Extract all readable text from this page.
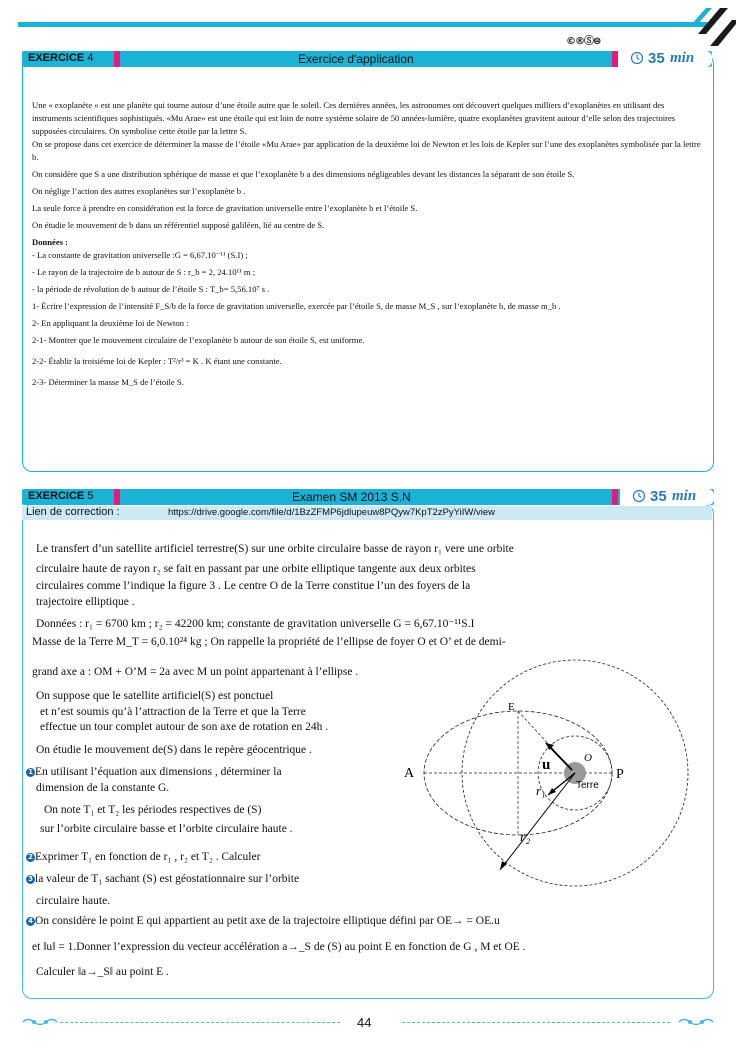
©®Ⓢ⊜
EXERCICE 4	Exercice d'application	35 min

Une « exoplanète « est une planète qui tourne autour d’une étoile autre que le soleil. Ces dernières années, les astronomes ont découvert quelques milliers d’exoplanètes en utilisant des instruments scientifiques sophistiqués. «Mu Arae» est une étoile qui est loin de notre système solaire de 50 années-lumière, quatre exoplanètes gravitent autour d’elle selon des trajectoires supposées circulaires. On symbolise cette étoile par la lettre S.

On se propose dans cet exercice de déterminer la masse de l’étoile «Mu Arae» par application de la deuxième loi de Newton et les lois de Kepler sur l’une des exoplanètes symbolisée par la lettre b.

On considère que S a une distribution sphérique de masse et que l’exoplanète b a des dimensions négligeables devant les distances la séparant de son étoile S.

On néglige l’action des autres exoplanètes sur l’exoplanète b .

La seule force à prendre en considération est la force de gravitation universelle entre l’exoplanète b et l’étoile S.

On étudie le mouvement de b dans un référentiel supposé galiléen, lié au centre de S.

Données :

- La constante de gravitation universelle :G = 6,67.10⁻¹¹ (S.I) ;

- Le rayon de la trajectoire de b autour de S : r_b = 2, 24.10¹¹ m ;

- la période de révolution de b autour de l’étoile S : T_b= 5,56.10⁷ s .

1- Écrire l’expression de l’intensité F_S/b de la force de gravitation universelle, exercée par l’étoile S, de masse M_S , sur l’exoplanète b, de masse m_b .

2- En appliquant la deuxième loi de Newton :

2-1- Montrer que le mouvement circulaire de l’exoplanète b autour de son étoile S, est uniforme.

2-2- Établir la troisième loi de Kepler : T²/r³ = K . K étant une constante.

2-3- Déterminer la masse M_S de l’étoile S.

EXERCICE 5	Examen SM 2013 S.N	35 min
Lien de correction :	https://drive.google.com/file/d/1BzZFMP6jdlupeuw8PQyw7KpT2zPyYiIW/view
Le transfert d’un satellite artificiel terrestre(S) sur une orbite circulaire basse de rayon r₁ vere une orbite
circulaire haute de rayon r₂ se fait en passant par une orbite elliptique tangente aux deux orbites
circulaires comme l’indique la figure 3 . Le centre O de la Terre constitue l’un des foyers de la
trajectoire elliptique .
Données : r₁ = 6700 km ; r₂ = 42200 km; constante de gravitation universelle G = 6,67.10⁻¹¹S.I
Masse de la Terre M_T = 6,0.10²⁴ kg ; On rappelle la propriété de l’ellipse de foyer O et O’ et de demi-
grand axe a : OM + O’M = 2a avec M un point appartenant à l’ellipse .
On suppose que le satellite artificiel(S) est ponctuel
et n’est soumis qu’à l’attraction de la Terre et que la Terre
effectue un tour complet autour de son axe de rotation en 24h .
On étudie le mouvement de(S) dans le repère géocentrique .
1 En utilisant l’équation aux dimensions , déterminer la
dimension de la constante G.
On note T₁ et T₂ les périodes respectives de (S)
sur l’orbite circulaire basse et l’orbite circulaire haute .
2 Exprimer T₁ en fonction de r₁ , r₂ et T₂ . Calculer
3 la valeur de T₁ sachant (S) est géostationnaire sur l’orbite
circulaire haute.
4 On considère le point E qui appartient au petit axe de la trajectoire elliptique défini par OE→ = OE.u
et ‖u‖ = 1.Donner l’expression du vecteur accélération a→_S de (S) au point E en fonction de G , M et OE .
Calculer ‖a→_S‖ au point E .
A	P
E
O
u
r₁	Terre
r₂
44
